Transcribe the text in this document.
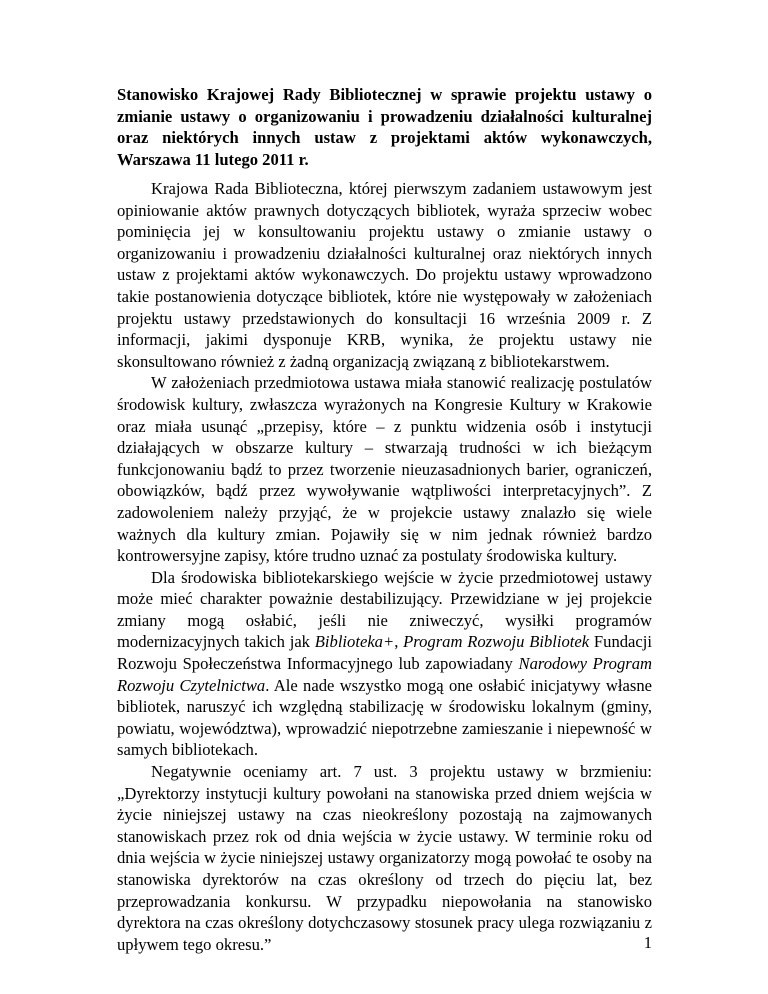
Stanowisko Krajowej Rady Bibliotecznej w sprawie projektu ustawy o zmianie ustawy o organizowaniu i prowadzeniu działalności kulturalnej oraz niektórych innych ustaw z projektami aktów wykonawczych, Warszawa 11 lutego 2011 r.

Krajowa Rada Biblioteczna, której pierwszym zadaniem ustawowym jest opiniowanie aktów prawnych dotyczących bibliotek, wyraża sprzeciw wobec pominięcia jej w konsultowaniu projektu ustawy o zmianie ustawy o organizowaniu i prowadzeniu działalności kulturalnej oraz niektórych innych ustaw z projektami aktów wykonawczych. Do projektu ustawy wprowadzono takie postanowienia dotyczące bibliotek, które nie występowały w założeniach projektu ustawy przedstawionych do konsultacji 16 września 2009 r. Z informacji, jakimi dysponuje KRB, wynika, że projektu ustawy nie skonsultowano również z żadną organizacją związaną z bibliotekarstwem.

W założeniach przedmiotowa ustawa miała stanowić realizację postulatów środowisk kultury, zwłaszcza wyrażonych na Kongresie Kultury w Krakowie oraz miała usunąć „przepisy, które – z punktu widzenia osób i instytucji działających w obszarze kultury – stwarzają trudności w ich bieżącym funkcjonowaniu bądź to przez tworzenie nieuzasadnionych barier, ograniczeń, obowiązków, bądź przez wywoływanie wątpliwości interpretacyjnych”. Z zadowoleniem należy przyjąć, że w projekcie ustawy znalazło się wiele ważnych dla kultury zmian. Pojawiły się w nim jednak również bardzo kontrowersyjne zapisy, które trudno uznać za postulaty środowiska kultury.

Dla środowiska bibliotekarskiego wejście w życie przedmiotowej ustawy może mieć charakter poważnie destabilizujący. Przewidziane w jej projekcie zmiany mogą osłabić, jeśli nie zniweczyć, wysiłki programów modernizacyjnych takich jak Biblioteka+, Program Rozwoju Bibliotek Fundacji Rozwoju Społeczeństwa Informacyjnego lub zapowiadany Narodowy Program Rozwoju Czytelnictwa. Ale nade wszystko mogą one osłabić inicjatywy własne bibliotek, naruszyć ich względną stabilizację w środowisku lokalnym (gminy, powiatu, województwa), wprowadzić niepotrzebne zamieszanie i niepewność w samych bibliotekach.

Negatywnie oceniamy art. 7 ust. 3 projektu ustawy w brzmieniu: „Dyrektorzy instytucji kultury powołani na stanowiska przed dniem wejścia w życie niniejszej ustawy na czas nieokreślony pozostają na zajmowanych stanowiskach przez rok od dnia wejścia w życie ustawy. W terminie roku od dnia wejścia w życie niniejszej ustawy organizatorzy mogą powołać te osoby na stanowiska dyrektorów na czas określony od trzech do pięciu lat, bez przeprowadzania konkursu. W przypadku niepowołania na stanowisko dyrektora na czas określony dotychczasowy stosunek pracy ulega rozwiązaniu z upływem tego okresu.”	1
